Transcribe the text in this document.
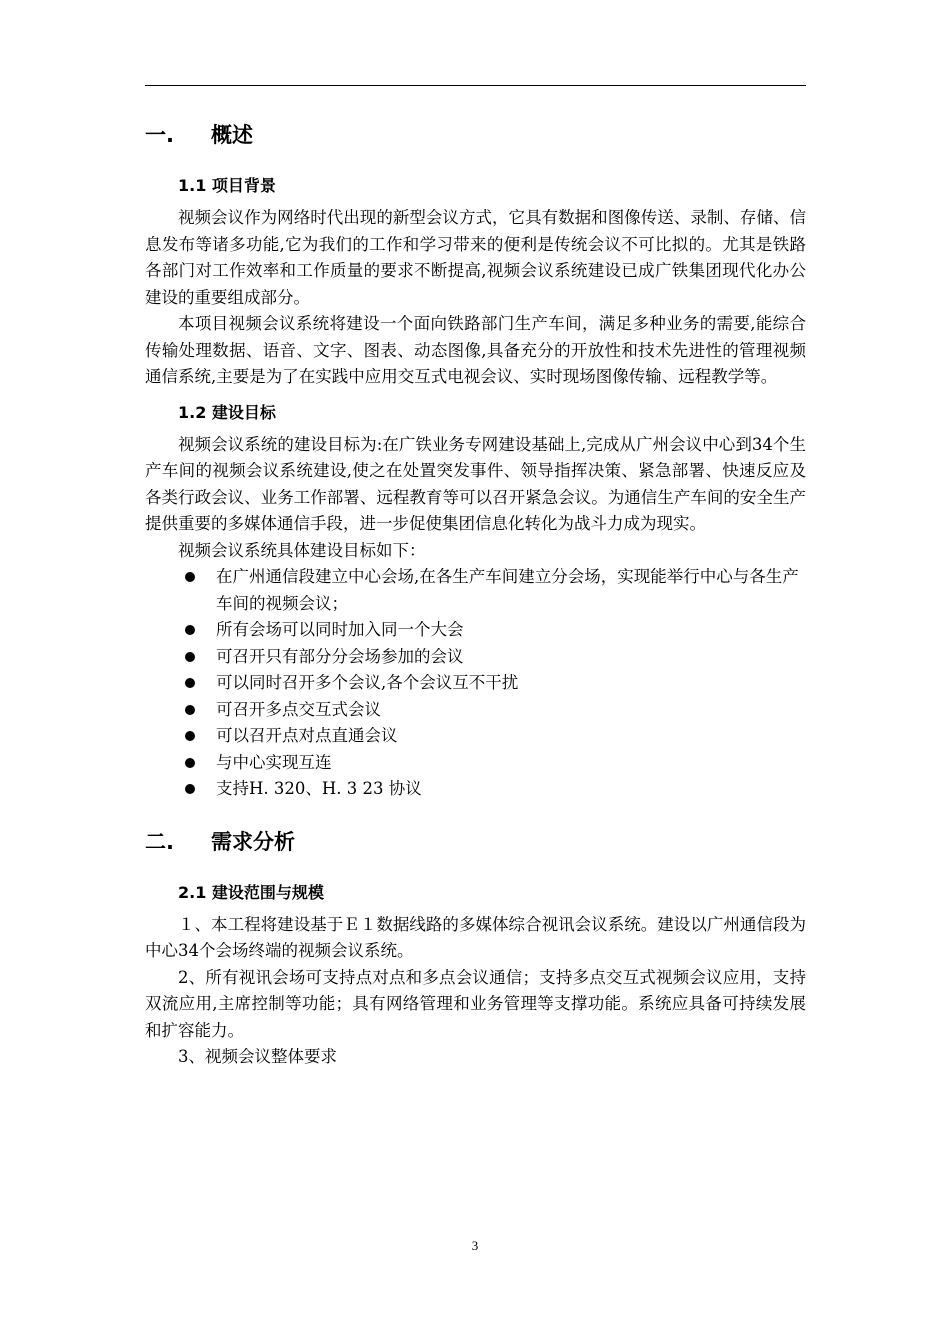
一.	概述
1.1 项目背景

视频会议作为网络时代出现的新型会议方式，它具有数据和图像传送、录制、存储、信息发布等诸多功能,它为我们的工作和学习带来的便利是传统会议不可比拟的。尤其是铁路各部门对工作效率和工作质量的要求不断提高,视频会议系统建设已成广铁集团现代化办公建设的重要组成部分。

本项目视频会议系统将建设一个面向铁路部门生产车间，满足多种业务的需要,能综合传输处理数据、语音、文字、图表、动态图像,具备充分的开放性和技术先进性的管理视频通信系统,主要是为了在实践中应用交互式电视会议、实时现场图像传输、远程教学等。

1.2 建设目标

视频会议系统的建设目标为:在广铁业务专网建设基础上,完成从广州会议中心到34个生产车间的视频会议系统建设,使之在处置突发事件、领导指挥决策、紧急部署、快速反应及各类行政会议、业务工作部署、远程教育等可以召开紧急会议。为通信生产车间的安全生产提供重要的多媒体通信手段，进一步促使集团信息化转化为战斗力成为现实。

视频会议系统具体建设目标如下：

在广州通信段建立中心会场,在各生产车间建立分会场，实现能举行中心与各生产车间的视频会议；
所有会场可以同时加入同一个大会
可召开只有部分分会场参加的会议
可以同时召开多个会议,各个会议互不干扰
可召开多点交互式会议
可以召开点对点直通会议
与中心实现互连
支持H. 320、H. 3 23 协议
二.	需求分析
2.1 建设范围与规模

１、本工程将建设基于Ｅ１数据线路的多媒体综合视讯会议系统。建设以广州通信段为中心34个会场终端的视频会议系统。

2、所有视讯会场可支持点对点和多点会议通信；支持多点交互式视频会议应用，支持双流应用,主席控制等功能；具有网络管理和业务管理等支撑功能。系统应具备可持续发展和扩容能力。

3、视频会议整体要求

3
